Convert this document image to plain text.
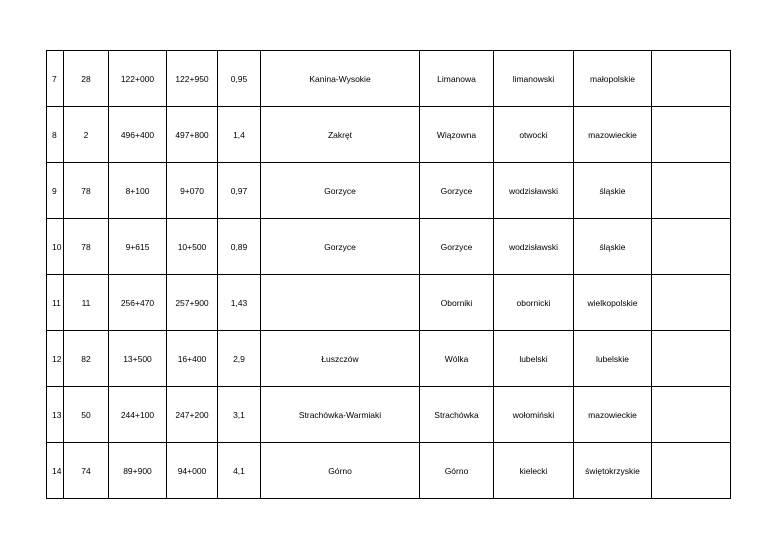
7	28	122+000	122+950	0,95	Kanina-Wysokie	Limanowa	limanowski	małopolskie	
8	2	496+400	497+800	1,4	Zakręt	Wiązowna	otwocki	mazowieckie	
9	78	8+100	9+070	0,97	Gorzyce	Gorzyce	wodzisławski	śląskie	
10	78	9+615	10+500	0,89	Gorzyce	Gorzyce	wodzisławski	śląskie	
11	11	256+470	257+900	1,43		Oborniki	obornicki	wielkopolskie	
12	82	13+500	16+400	2,9	Łuszczów	Wólka	lubelski	lubelskie	
13	50	244+100	247+200	3,1	Strachówka-Warmiaki	Strachówka	wołomiński	mazowieckie	
14	74	89+900	94+000	4,1	Górno	Górno	kielecki	świętokrzyskie	
